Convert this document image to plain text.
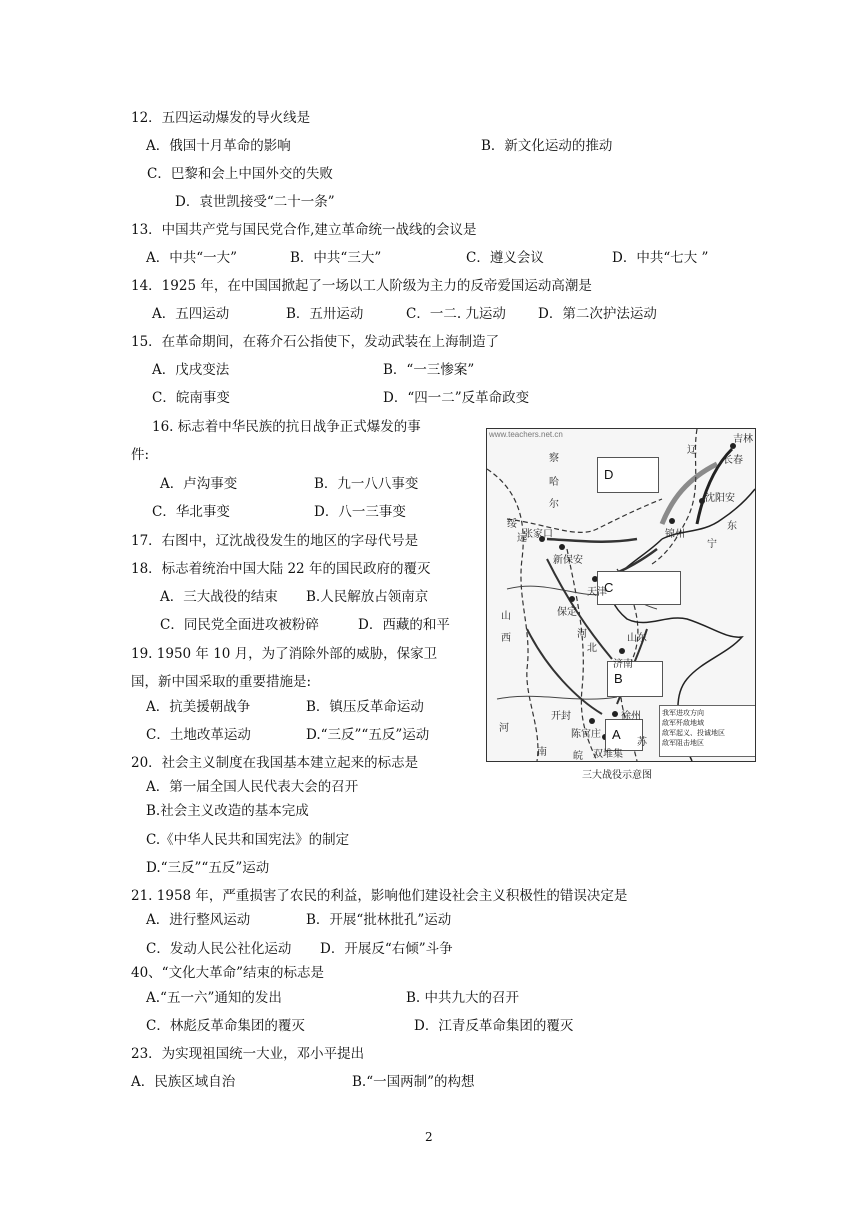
12．五四运动爆发的导火线是
A．俄国十月革命的影响	B．新文化运动的推动
C．巴黎和会上中国外交的失败
D．袁世凯接受“二十一条”
13．中国共产党与国民党合作,建立革命统一战线的会议是
A．中共“一大”	B．中共“三大”	C．遵义会议	D．中共“七大 ”
14．1925 年，在中国国掀起了一场以工人阶级为主力的反帝爱国运动高潮是
A．五四运动	B．五卅运动	C．一二. 九运动 D．第二次护法运动
15．在革命期间，在蒋介石公指使下，发动武装在上海制造了
A．戊戌变法	B．“一三惨案”
C．皖南事变	D．“四一二”反革命政变
16. 标志着中华民族的抗日战争正式爆发的事
件:
A．卢沟事变	B．九一八八事变
C．华北事变	D．八一三事变
17．右图中，辽沈战役发生的地区的字母代号是
18．标志着统治中国大陆 22 年的国民政府的覆灭
A．三大战役的结束 B.人民解放占领南京
C．同民党全面进攻被粉碎	D．西藏的和平
19. 1950 年 10 月，为了消除外部的威胁，保家卫
国，新中国采取的重要措施是:
A．抗美援朝战争	B．镇压反革命运动
C．土地改革运动	D.“三反”“五反”运动
20．社会主义制度在我国基本建立起来的标志是
A．第一届全国人民代表大会的召开
B.社会主义改造的基本完成
C.《中华人民共和国宪法》的制定
D.“三反”“五反”运动
21. 1958 年，严重损害了农民的利益，影响他们建设社会主义积极性的错误决定是
A．进行整风运动	B．开展“批林批孔”运动
C．发动人民公社化运动 D．开展反“右倾”斗争
40、“文化大革命”结束的标志是
A.“五一六”通知的发出	B. 中共九大的召开
C．林彪反革命集团的覆灭	D．江青反革命集团的覆灭
23．为实现祖国统一大业，邓小平提出
A．民族区域自治	B.“一国两制”的构想
www.teachers.net.cn
D
C
B
A
察
哈
尔
绥
远
山
西	河
北
河
南
辽
宁
安
东
山东
吉林
长春
沈阳
锦州
张家口
新保安
天津
保定
济南
开封	徐州
陈官庄
双堆集
苏
皖
我军进攻方向
敌军歼敌地域
敌军起义、投诚地区
敌军阻击地区
三大战役示意图
2
